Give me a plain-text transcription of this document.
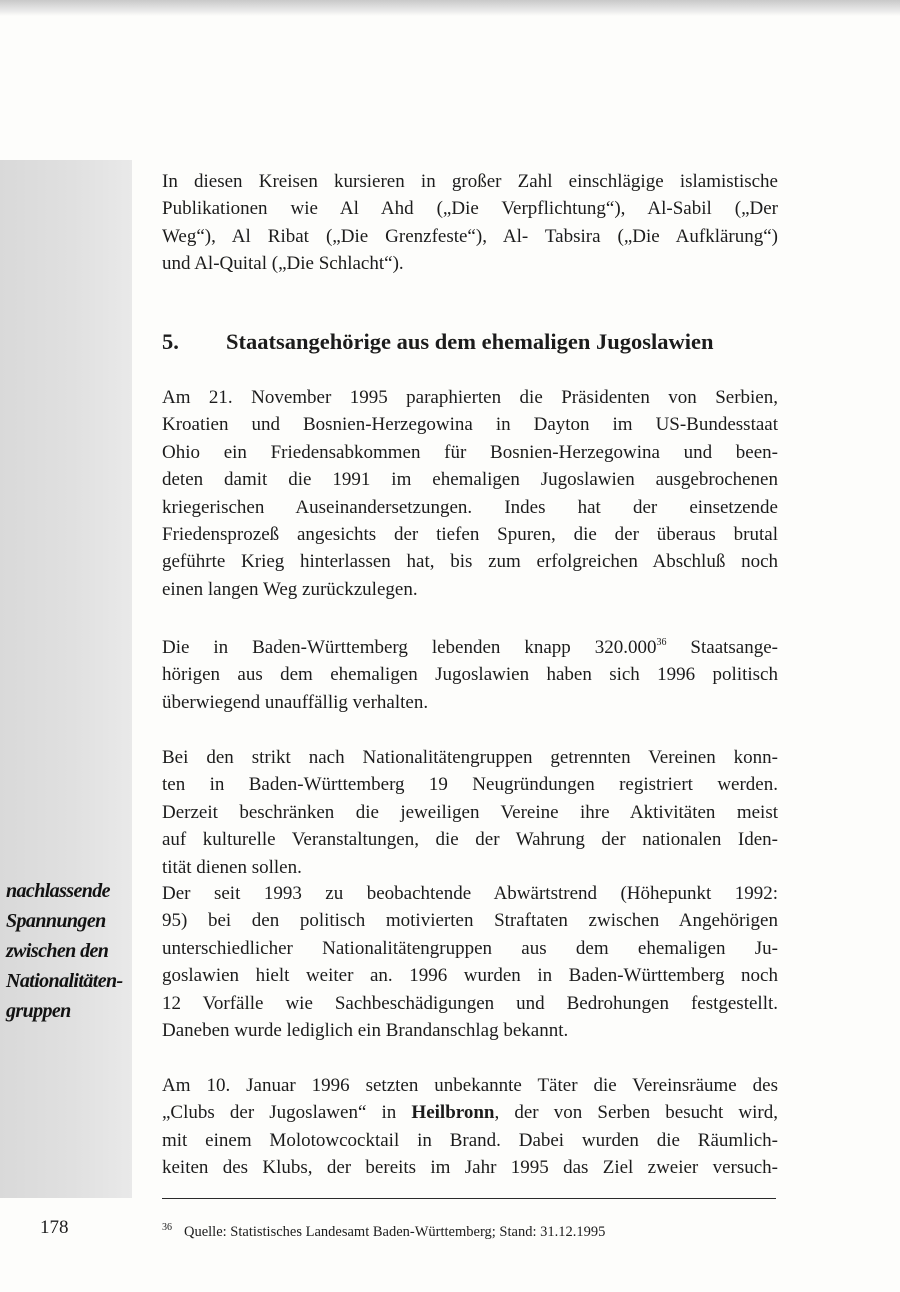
In diesen Kreisen kursieren in großer Zahl einschlägige islamistische
Publikationen wie Al Ahd („Die Verpflichtung“), Al-Sabil („Der
Weg“), Al Ribat („Die Grenzfeste“), Al- Tabsira („Die Aufklärung“)
und Al-Quital („Die Schlacht“).
5. Staatsangehörige aus dem ehemaligen Jugoslawien
Am 21. November 1995 paraphierten die Präsidenten von Serbien,
Kroatien und Bosnien-Herzegowina in Dayton im US-Bundesstaat
Ohio ein Friedensabkommen für Bosnien-Herzegowina und been-
deten damit die 1991 im ehemaligen Jugoslawien ausgebrochenen
kriegerischen Auseinandersetzungen. Indes hat der einsetzende
Friedensprozeß angesichts der tiefen Spuren, die der überaus brutal
geführte Krieg hinterlassen hat, bis zum erfolgreichen Abschluß noch
einen langen Weg zurückzulegen.
Die in Baden-Württemberg lebenden knapp 320.000$^{36}$ Staatsange-
hörigen aus dem ehemaligen Jugoslawien haben sich 1996 politisch
überwiegend unauffällig verhalten.
Bei den strikt nach Nationalitätengruppen getrennten Vereinen konn-
ten in Baden-Württemberg 19 Neugründungen registriert werden.
Derzeit beschränken die jeweiligen Vereine ihre Aktivitäten meist
auf kulturelle Veranstaltungen, die der Wahrung der nationalen Iden-
tität dienen sollen.
Der seit 1993 zu beobachtende Abwärtstrend (Höhepunkt 1992:
95) bei den politisch motivierten Straftaten zwischen Angehörigen
unterschiedlicher Nationalitätengruppen aus dem ehemaligen Ju-
goslawien hielt weiter an. 1996 wurden in Baden-Württemberg noch
12 Vorfälle wie Sachbeschädigungen und Bedrohungen festgestellt.
Daneben wurde lediglich ein Brandanschlag bekannt.
Am 10. Januar 1996 setzten unbekannte Täter die Vereinsräume des
„Clubs der Jugoslawen“ in Heilbronn, der von Serben besucht wird,
mit einem Molotowcocktail in Brand. Dabei wurden die Räumlich-
keiten des Klubs, der bereits im Jahr 1995 das Ziel zweier versuch-
nachlassende
Spannungen
zwischen den
Nationalitäten-
gruppen
178	$^{36}$ Quelle: Statistisches Landesamt Baden-Württemberg; Stand: 31.12.1995
